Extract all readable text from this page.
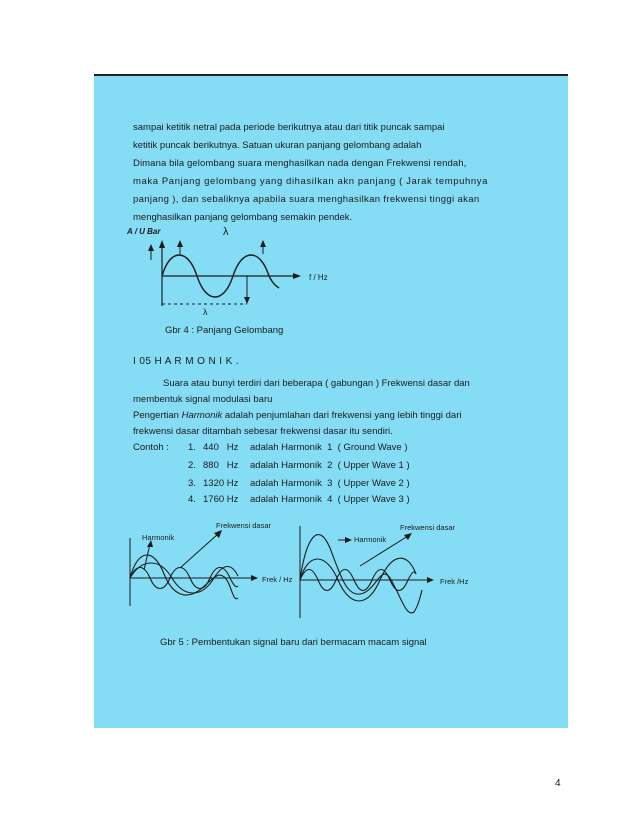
sampai ketitik netral pada periode berikutnya atau dari titik puncak sampai
ketitik puncak berikutnya. Satuan ukuran panjang gelombang adalah
Dimana bila gelombang suara menghasilkan nada dengan Frekwensi rendah,
maka Panjang gelombang yang dihasilkan akn panjang ( Jarak tempuhnya
panjang ), dan sebaliknya apabila suara menghasilkan frekwensi tinggi akan
menghasilkan panjang gelombang semakin pendek.
A / U Bar	λ
f / Hz
λ
Gbr 4 : Panjang Gelombang
I 05 H A R M O N I K .
Suara atau bunyi terdiri dari beberapa ( gabungan ) Frekwensi dasar dan
membentuk signal modulasi baru
Pengertian Harmonik adalah penjumlahan dari frekwensi yang lebih tinggi dari
frekwensi dasar ditambah sebesar frekwensi dasar itu sendiri.
Contoh : 1. 440   Hz adalah Harmonik  1  ( Ground Wave )
2. 880   Hz adalah Harmonik  2  ( Upper Wave 1 )
3. 1320 Hz adalah Harmonik  3  ( Upper Wave 2 )
4. 1760 Hz adalah Harmonik  4  ( Upper Wave 3 )
Frekwensi dasar
Harmonik
Frek / Hz
Frekwensi dasar
Harmonik
Frek /Hz
Gbr 5 : Pembentukan signal baru dari bermacam macam signal
4
